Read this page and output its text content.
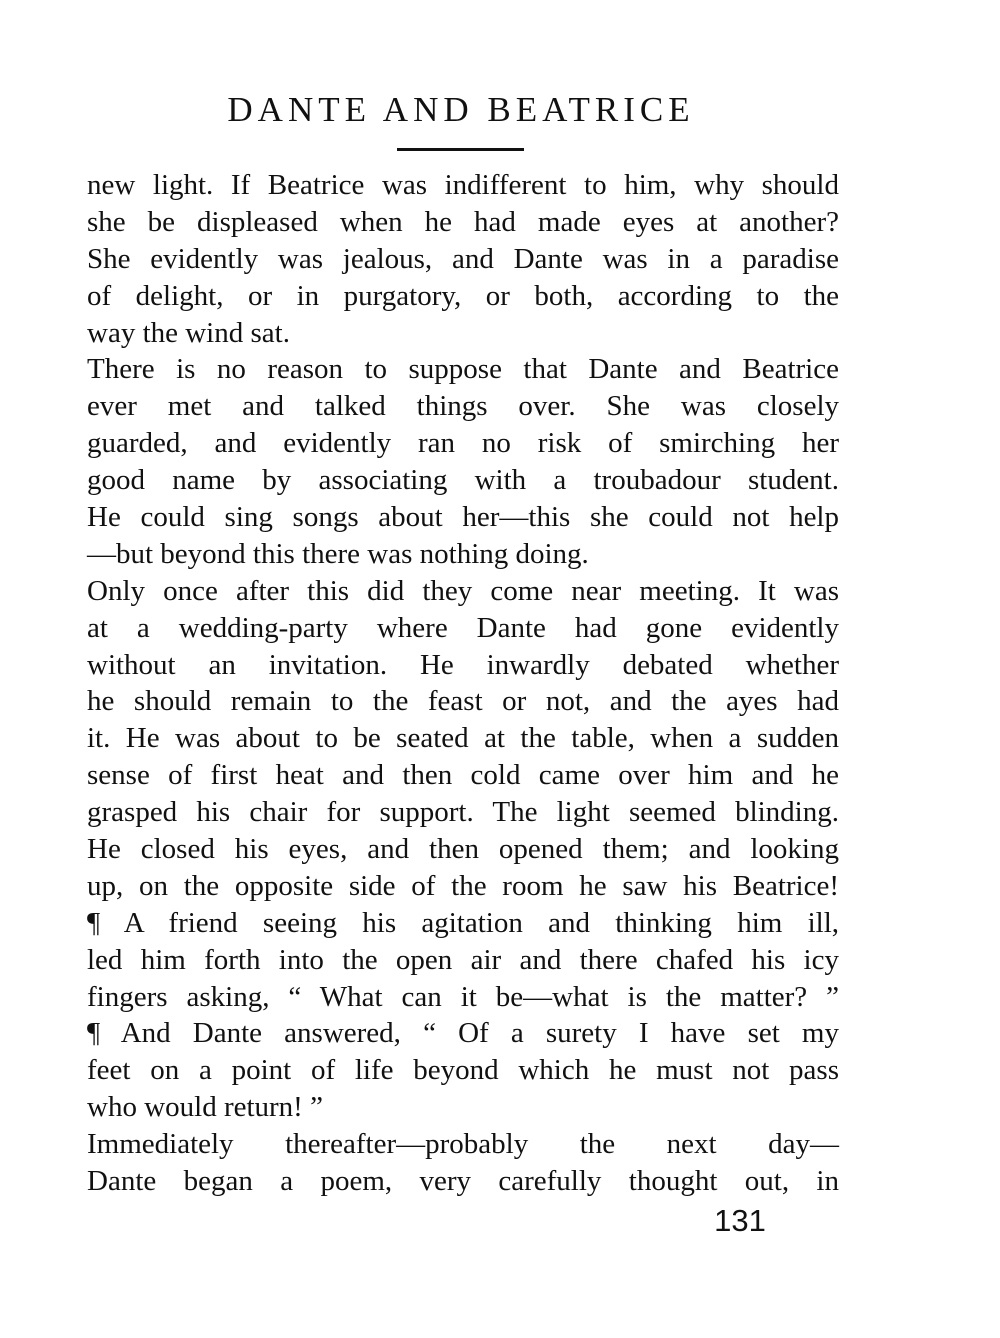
DANTE AND BEATRICE
new light. If Beatrice was indifferent to him, why should
she be displeased when he had made eyes at another?
She evidently was jealous, and Dante was in a paradise
of delight, or in purgatory, or both, according to the
way the wind sat.
There is no reason to suppose that Dante and Beatrice
ever met and talked things over. She was closely
guarded, and evidently ran no risk of smirching her
good name by associating with a troubadour student.
He could sing songs about her—this she could not help
—but beyond this there was nothing doing.
Only once after this did they come near meeting. It was
at a wedding-party where Dante had gone evidently
without an invitation. He inwardly debated whether
he should remain to the feast or not, and the ayes had
it. He was about to be seated at the table, when a sudden
sense of first heat and then cold came over him and he
grasped his chair for support. The light seemed blinding.
He closed his eyes, and then opened them; and looking
up, on the opposite side of the room he saw his Beatrice!
¶ A friend seeing his agitation and thinking him ill,
led him forth into the open air and there chafed his icy
fingers asking, “ What can it be—what is the matter? ”
¶ And Dante answered, “ Of a surety I have set my
feet on a point of life beyond which he must not pass
who would return! ”
Immediately thereafter—probably the next day—
Dante began a poem, very carefully thought out, in
131
